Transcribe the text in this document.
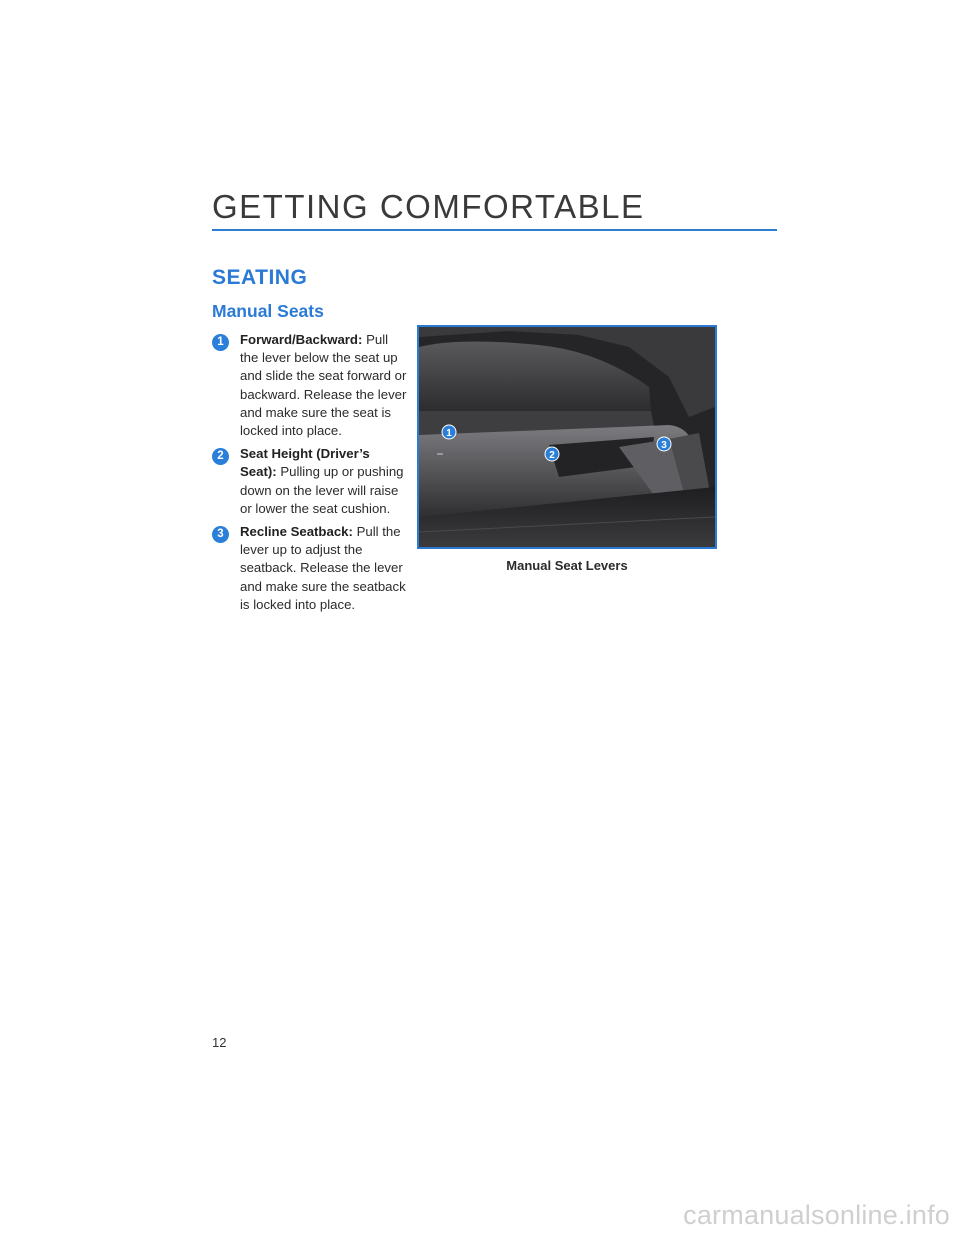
GETTING COMFORTABLE
SEATING
Manual Seats
1	Forward/Backward: Pull the lever below the seat up and slide the seat forward or backward. Release the lever and make sure the seat is locked into place.

2	Seat Height (Driver’s Seat): Pulling up or pushing down on the lever will raise or lower the seat cushion.

3	Recline Seatback: Pull the lever up to adjust the seatback. Release the lever and make sure the seatback is locked into place.

1
2
3
Manual Seat Levers
12
carmanualsonline.info
